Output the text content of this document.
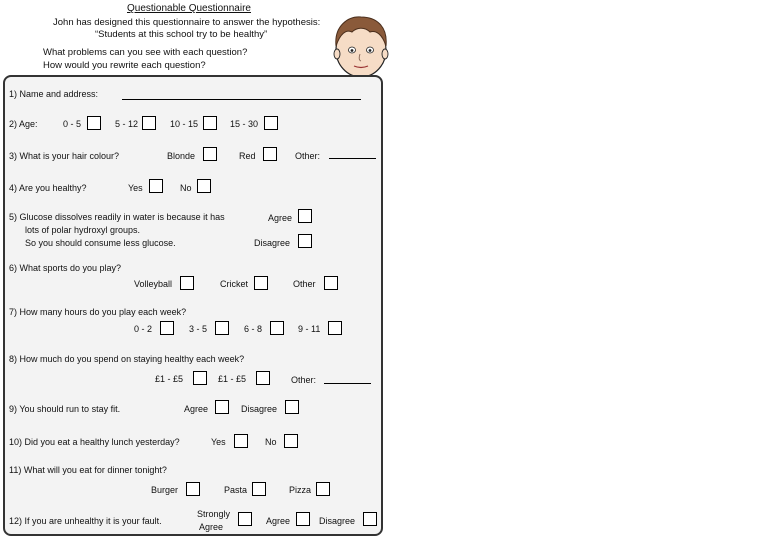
Questionable Questionnaire
John has designed this questionnaire to answer the hypothesis:
“Students at this school try to be healthy”
What problems can you see with each question?
How would you rewrite each question?
1) Name and address:
2) Age:	0 - 5	5 - 12	10 - 15	15 - 30
3) What is your hair colour?	Blonde	Red	Other:
4) Are you healthy?	Yes	No
5) Glucose dissolves readily in water is because it has
lots of polar hydroxyl groups.
So you should consume less glucose.
Agree
Disagree
6) What sports do you play?
Volleyball	Cricket	Other
7) How many hours do you play each week?
0 - 2	3 - 5	6 - 8	9 - 11
8) How much do you spend on staying healthy each week?
£1 - £5	£1 - £5	Other:
9) You should run to stay fit.	Agree	Disagree
10) Did you eat a healthy lunch yesterday?	Yes	No
11) What will you eat for dinner tonight?
Burger	Pasta	Pizza
12) If you are unhealthy it is your fault.
Strongly
Agree
Agree	Disagree
